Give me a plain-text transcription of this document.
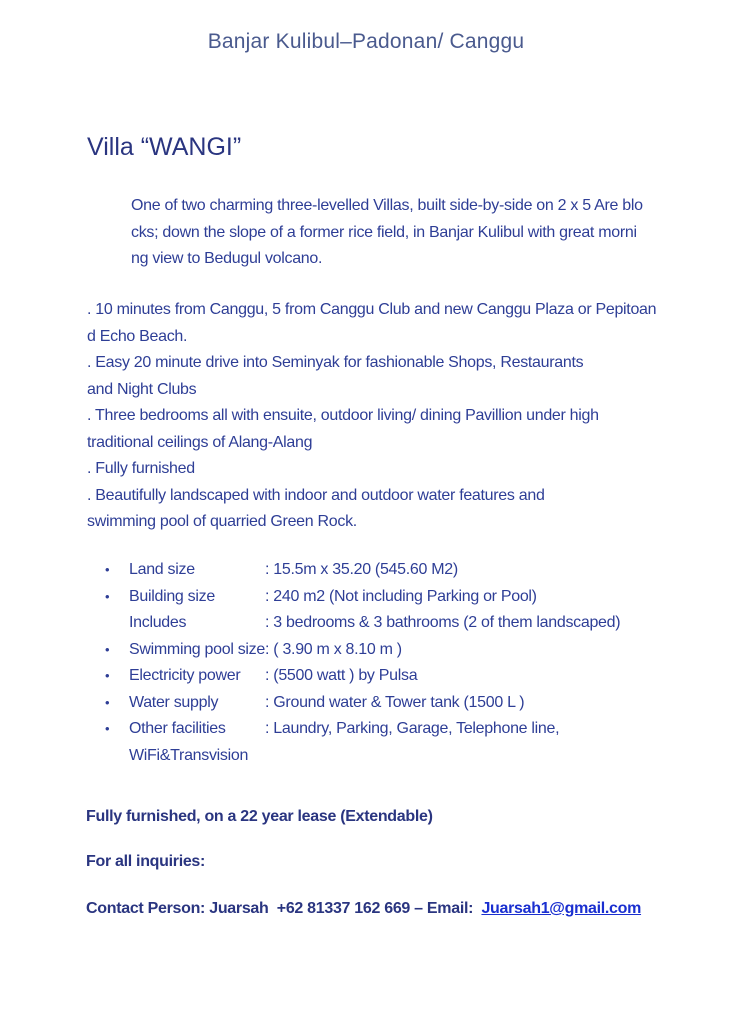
Banjar Kulibul–Padonan/ Canggu
Villa “WANGI”
One of two charming three-levelled Villas, built side-by-side on 2 x 5 Are blo
cks; down the slope of a former rice field, in Banjar Kulibul with great morni
ng view to Bedugul volcano.
. 10 minutes from Canggu, 5 from Canggu Club and new Canggu Plaza or Pepitoan
d Echo Beach.
. Easy 20 minute drive into Seminyak for fashionable Shops, Restaurants
and Night Clubs
. Three bedrooms all with ensuite, outdoor living/ dining Pavillion under high
traditional ceilings of Alang-Alang
. Fully furnished
. Beautifully landscaped with indoor and outdoor water features and
swimming pool of quarried Green Rock.
• Land size	: 15.5m x 35.20 (545.60 M2)
• Building size	: 240 m2 (Not including Parking or Pool)
Includes	: 3 bedrooms & 3 bathrooms (2 of them landscaped)
• Swimming pool size: ( 3.90 m x 8.10 m )
• Electricity power : (5500 watt ) by Pulsa
• Water supply	: Ground water & Tower tank (1500 L )
• Other facilities : Laundry, Parking, Garage, Telephone line,
WiFi&Transvision
Fully furnished, on a 22 year lease (Extendable)
For all inquiries:
Contact Person: Juarsah  +62 81337 162 669 – Email:  Juarsah1@gmail.com
